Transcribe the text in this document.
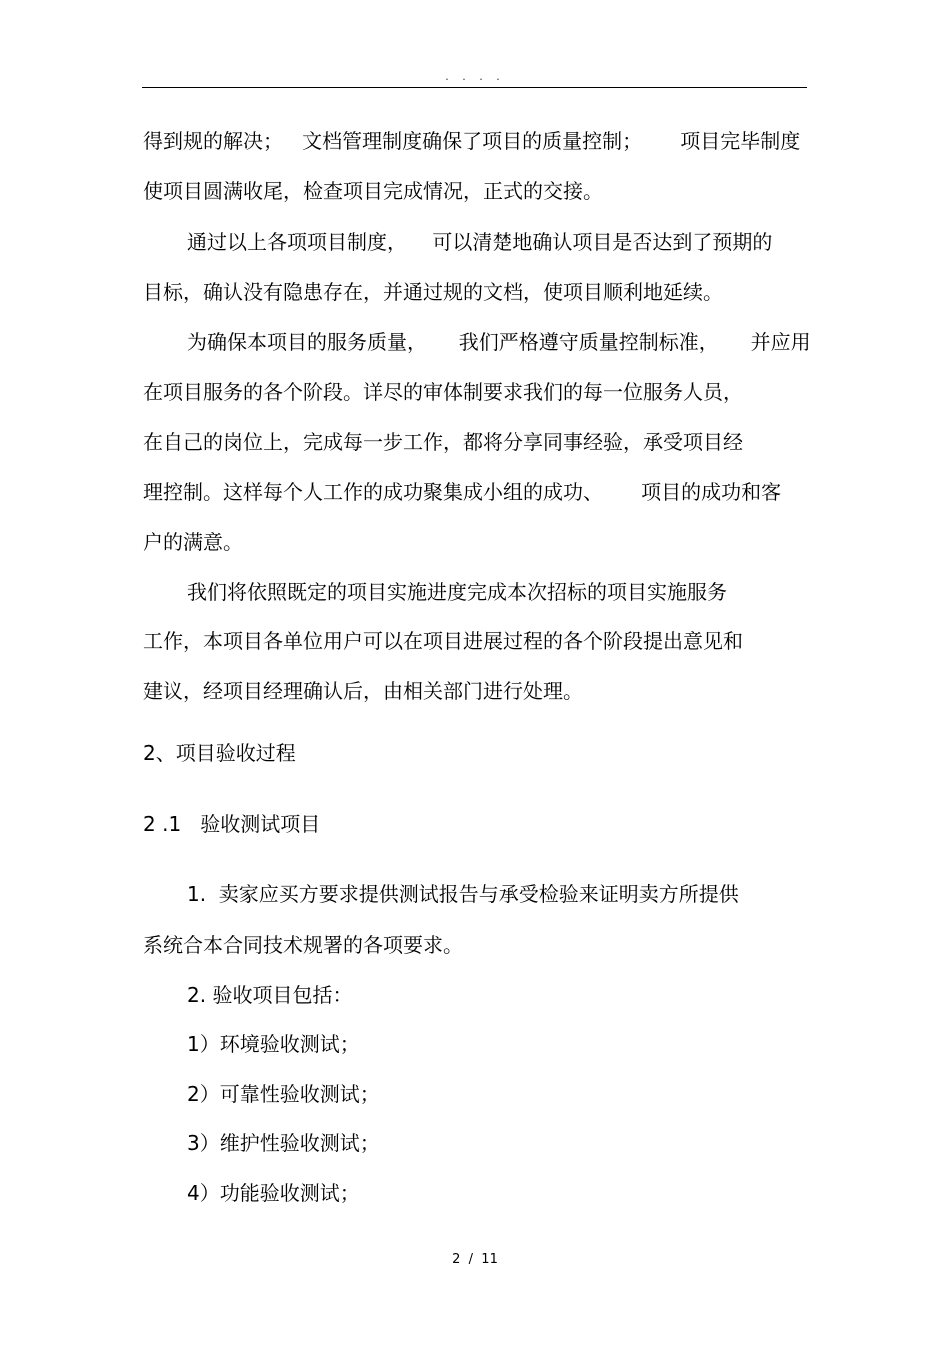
. . . .
得到规的解决；   文档管理制度确保了项目的质量控制；      项目完毕制度
使项目圆满收尾，检查项目完成情况，正式的交接。
通过以上各项项目制度，    可以清楚地确认项目是否达到了预期的
目标，确认没有隐患存在，并通过规的文档，使项目顺利地延续。
为确保本项目的服务质量，     我们严格遵守质量控制标准，     并应用
在项目服务的各个阶段。详尽的审体制要求我们的每一位服务人员，
在自己的岗位上，完成每一步工作，都将分享同事经验，承受项目经
理控制。这样每个人工作的成功聚集成小组的成功、      项目的成功和客
户的满意。
我们将依照既定的项目实施进度完成本次招标的项目实施服务
工作，本项目各单位用户可以在项目进展过程的各个阶段提出意见和
建议，经项目经理确认后，由相关部门进行处理。
2、项目验收过程
2 .1   验收测试项目
1.  卖家应买方要求提供测试报告与承受检验来证明卖方所提供
系统合本合同技术规署的各项要求。
2. 验收项目包括：
1）环境验收测试；
2）可靠性验收测试；
3）维护性验收测试；
4）功能验收测试；
2  /  11
